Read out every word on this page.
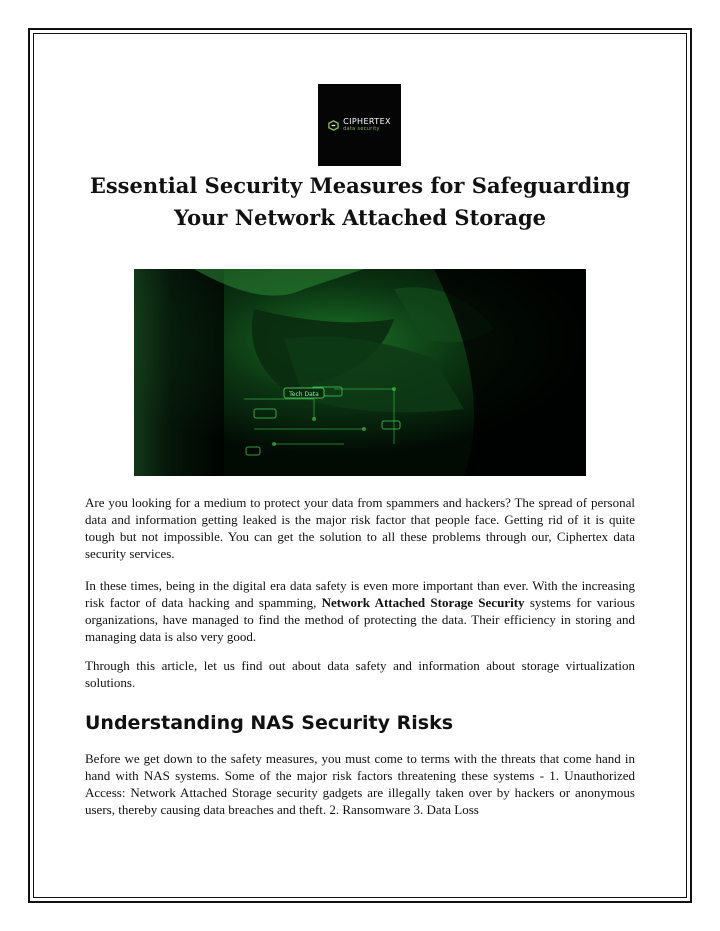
CIPHERTEX
data security
Essential Security Measures for Safeguarding
Your Network Attached Storage
Tech Data

Are you looking for a medium to protect your data from spammers and hackers? The spread of personal data and information getting leaked is the major risk factor that people face. Getting rid of it is quite tough but not impossible. You can get the solution to all these problems through our, Ciphertex data security services.

In these times, being in the digital era data safety is even more important than ever. With the increasing risk factor of data hacking and spamming, Network Attached Storage Security systems for various organizations, have managed to find the method of protecting the data. Their efficiency in storing and managing data is also very good.

Through this article, let us find out about data safety and information about storage virtualization solutions.

Understanding NAS Security Risks

Before we get down to the safety measures, you must come to terms with the threats that come hand in hand with NAS systems. Some of the major risk factors threatening these systems - 1. Unauthorized Access: Network Attached Storage security gadgets are illegally taken over by hackers or anonymous users, thereby causing data breaches and theft. 2. Ransomware 3. Data Loss
